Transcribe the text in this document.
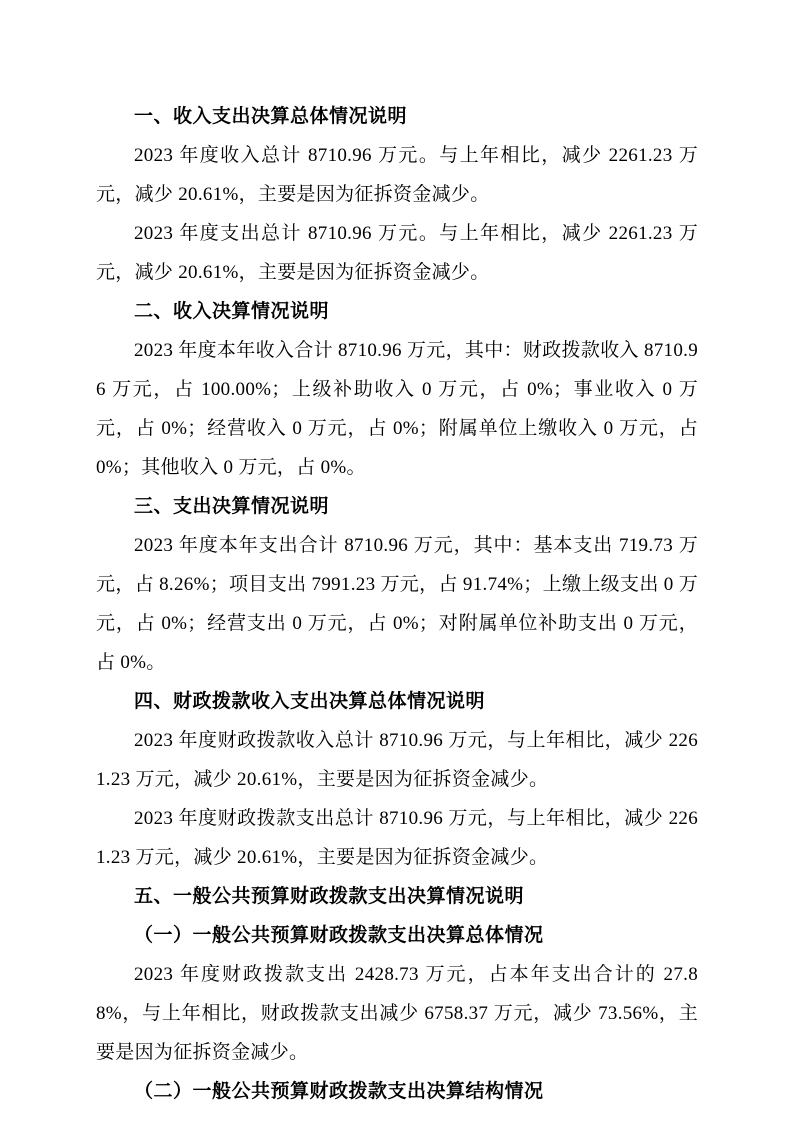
一、收入支出决算总体情况说明

2023 年度收入总计 8710.96 万元。与上年相比，减少 2261.23 万元，减少 20.61%，主要是因为征拆资金减少。

2023 年度支出总计 8710.96 万元。与上年相比，减少 2261.23 万元，减少 20.61%，主要是因为征拆资金减少。

二、收入决算情况说明

2023 年度本年收入合计 8710.96 万元，其中：财政拨款收入 8710.96 万元，占 100.00%；上级补助收入 0 万元，占 0%；事业收入 0 万元，占 0%；经营收入 0 万元，占 0%；附属单位上缴收入 0 万元，占 0%；其他收入 0 万元，占 0%。

三、支出决算情况说明

2023 年度本年支出合计 8710.96 万元，其中：基本支出 719.73 万元，占 8.26%；项目支出 7991.23 万元，占 91.74%；上缴上级支出 0 万元，占 0%；经营支出 0 万元，占 0%；对附属单位补助支出 0 万元，占 0%。

四、财政拨款收入支出决算总体情况说明

2023 年度财政拨款收入总计 8710.96 万元，与上年相比，减少 2261.23 万元，减少 20.61%，主要是因为征拆资金减少。

2023 年度财政拨款支出总计 8710.96 万元，与上年相比，减少 2261.23 万元，减少 20.61%，主要是因为征拆资金减少。

五、一般公共预算财政拨款支出决算情况说明

（一）一般公共预算财政拨款支出决算总体情况

2023 年度财政拨款支出 2428.73 万元，占本年支出合计的 27.88%，与上年相比，财政拨款支出减少 6758.37 万元，减少 73.56%，主要是因为征拆资金减少。

（二）一般公共预算财政拨款支出决算结构情况
